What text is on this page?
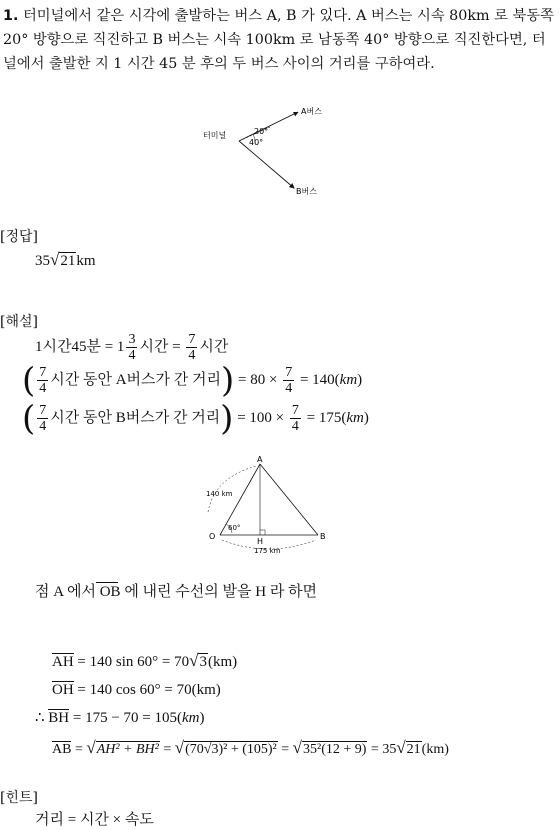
1. 터미널에서 같은 시각에 출발하는 버스 A, B 가 있다. A 버스는 시속 80km 로 북동쪽 20° 방향으로 직진하고 B 버스는 시속 100km 로 남동쪽 40° 방향으로 직진한다면, 터널에서 출발한 지 1 시간 45 분 후의 두 버스 사이의 거리를 구하여라.
터미널
A버스
B버스
20°
40°
[정답]
35√21km
[해설]
1시간45분 = $1 \frac{3}{4}$ 시간 = $\frac{7}{4}$ 시간
( $\frac{7}{4}$ 시간 동안 A버스가 간 거리) = $80 \times \frac{7}{4} = 140(km)$
( $\frac{7}{4}$ 시간 동안 B버스가 간 거리) = $100 \times \frac{7}{4} = 175(km)$
A
O
H
B
140 km
175 km
60°
점 A 에서 OB 에 내린 수선의 발을 H 라 하면
AH = 140 sin 60° = 70√3(km)
OH = 140 cos 60° = 70(km)
∴ BH = 175 − 70 = 105(km)
AB = √AH² + BH² = √(70√3)² + (105)² = √35²(12 + 9) = 35√21(km)
[힌트]
거리 = 시간 × 속도
